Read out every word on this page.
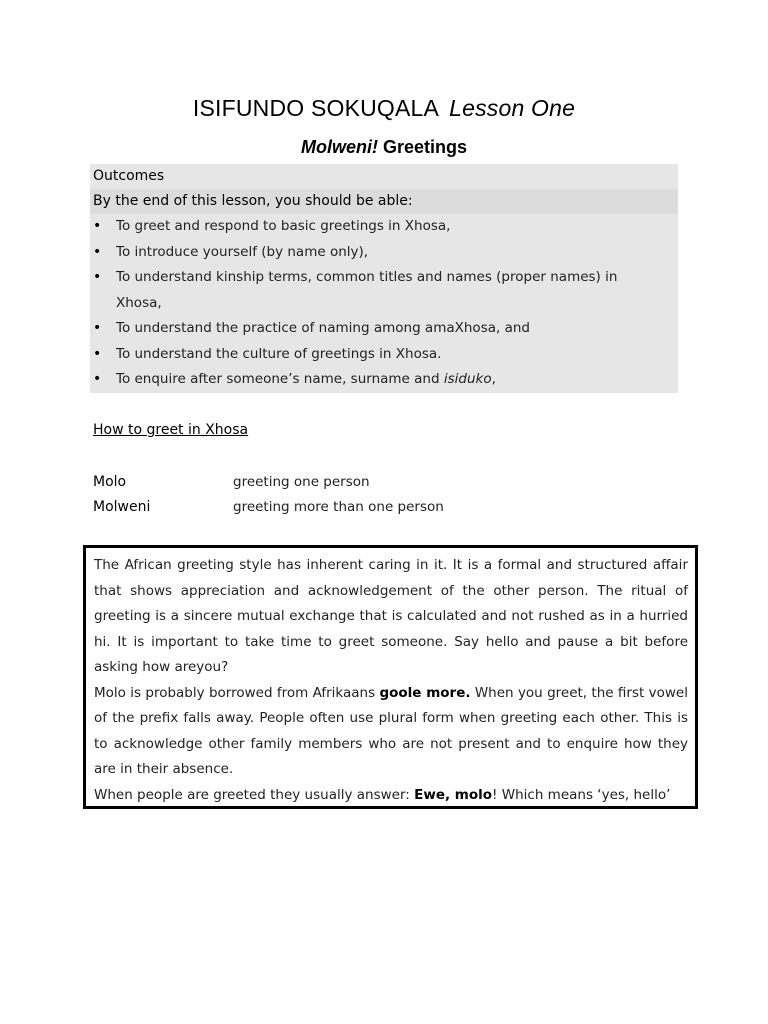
ISIFUNDO SOKUQALA Lesson One
Molweni! Greetings
Outcomes
By the end of this lesson, you should be able:
• To greet and respond to basic greetings in Xhosa,
• To introduce yourself (by name only),
• To understand kinship terms, common titles and names (proper names) in Xhosa,
• To understand the practice of naming among amaXhosa, and
• To understand the culture of greetings in Xhosa.
• To enquire after someone’s name, surname and isiduko,
How to greet in Xhosa
Molo	greeting one person
Molweni	greeting more than one person

The African greeting style has inherent caring in it. It is a formal and structured affair that shows appreciation and acknowledgement of the other person. The ritual of greeting is a sincere mutual exchange that is calculated and not rushed as in a hurried hi. It is important to take time to greet someone. Say hello and pause a bit before asking how areyou?

Molo is probably borrowed from Afrikaans goole more. When you greet, the first vowel of the prefix falls away. People often use plural form when greeting each other. This is to acknowledge other family members who are not present and to enquire how they are in their absence.

When people are greeted they usually answer: Ewe, molo! Which means ‘yes, hello’
